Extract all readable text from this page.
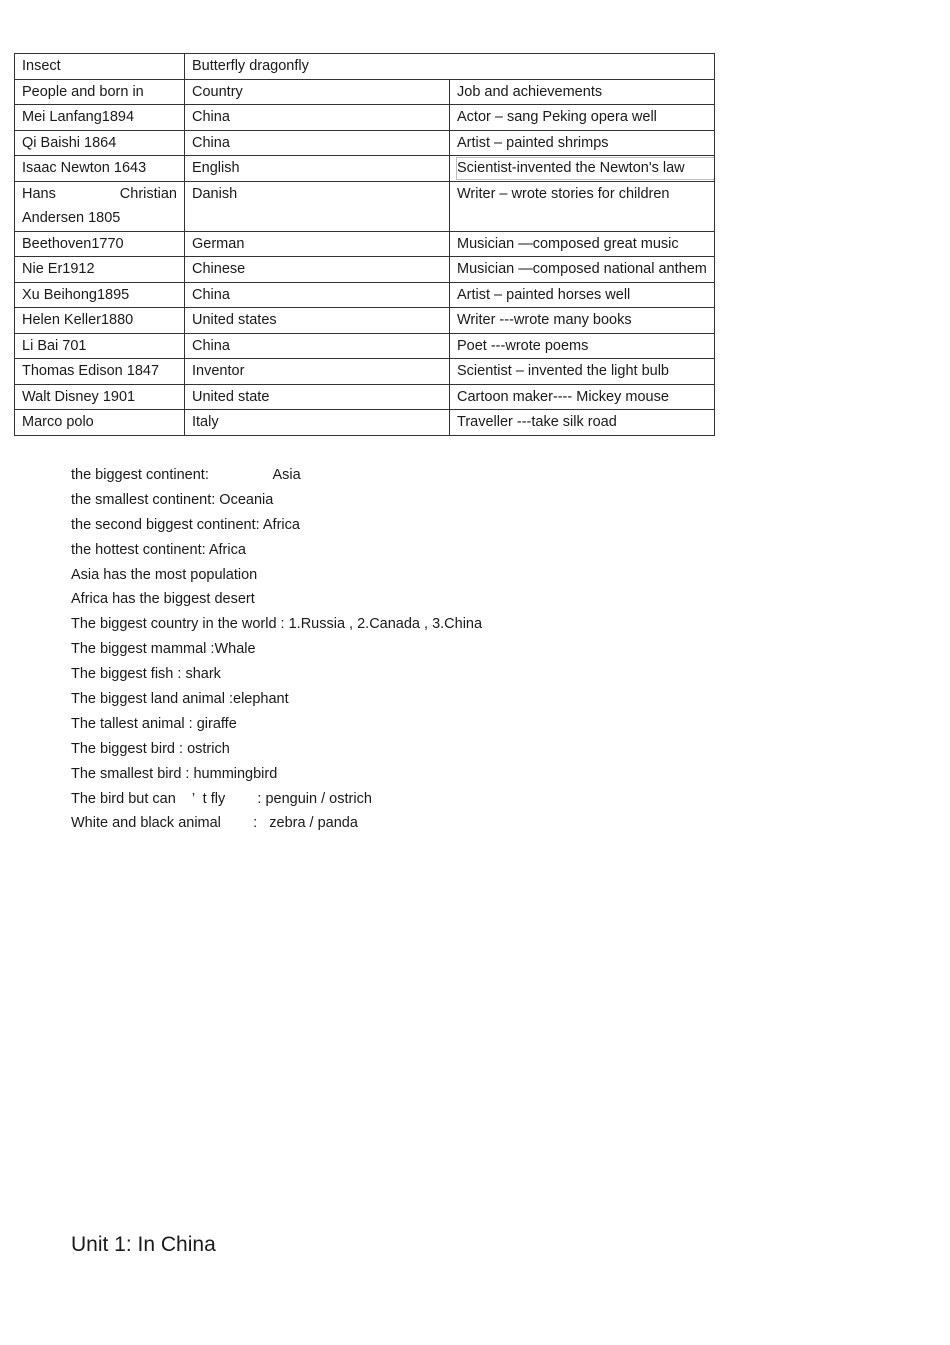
Insect	Butterfly dragonfly	
People and born in	Country	Job and achievements
Mei Lanfang1894	China	Actor – sang Peking opera well
Qi Baishi 1864	China	Artist – painted shrimps
Isaac Newton 1643	English	Scientist-invented the Newton's law

Hans Christian
Andersen 1805	Danish	Writer – wrote stories for children
Beethoven1770	German	Musician —composed great music
Nie Er1912	Chinese	Musician —composed national anthem
Xu Beihong1895	China	Artist – painted horses well
Helen Keller1880	United states	Writer ---wrote many books
Li Bai 701	China	Poet ---wrote poems
Thomas Edison 1847	Inventor	Scientist – invented the light bulb
Walt Disney 1901	United state	Cartoon maker---- Mickey mouse
Marco polo	Italy	Traveller ---take silk road
the biggest continent:                Asia
the smallest continent: Oceania
the second biggest continent: Africa
the hottest continent: Africa
Asia has the most population
Africa has the biggest desert
The biggest country in the world : 1.Russia , 2.Canada , 3.China
The biggest mammal :Whale
The biggest fish : shark
The biggest land animal :elephant
The tallest animal : giraffe
The biggest bird : ostrich
The smallest bird : hummingbird
The bird but can    ’  t fly        : penguin / ostrich
White and black animal        :   zebra / panda
Unit 1: In China
